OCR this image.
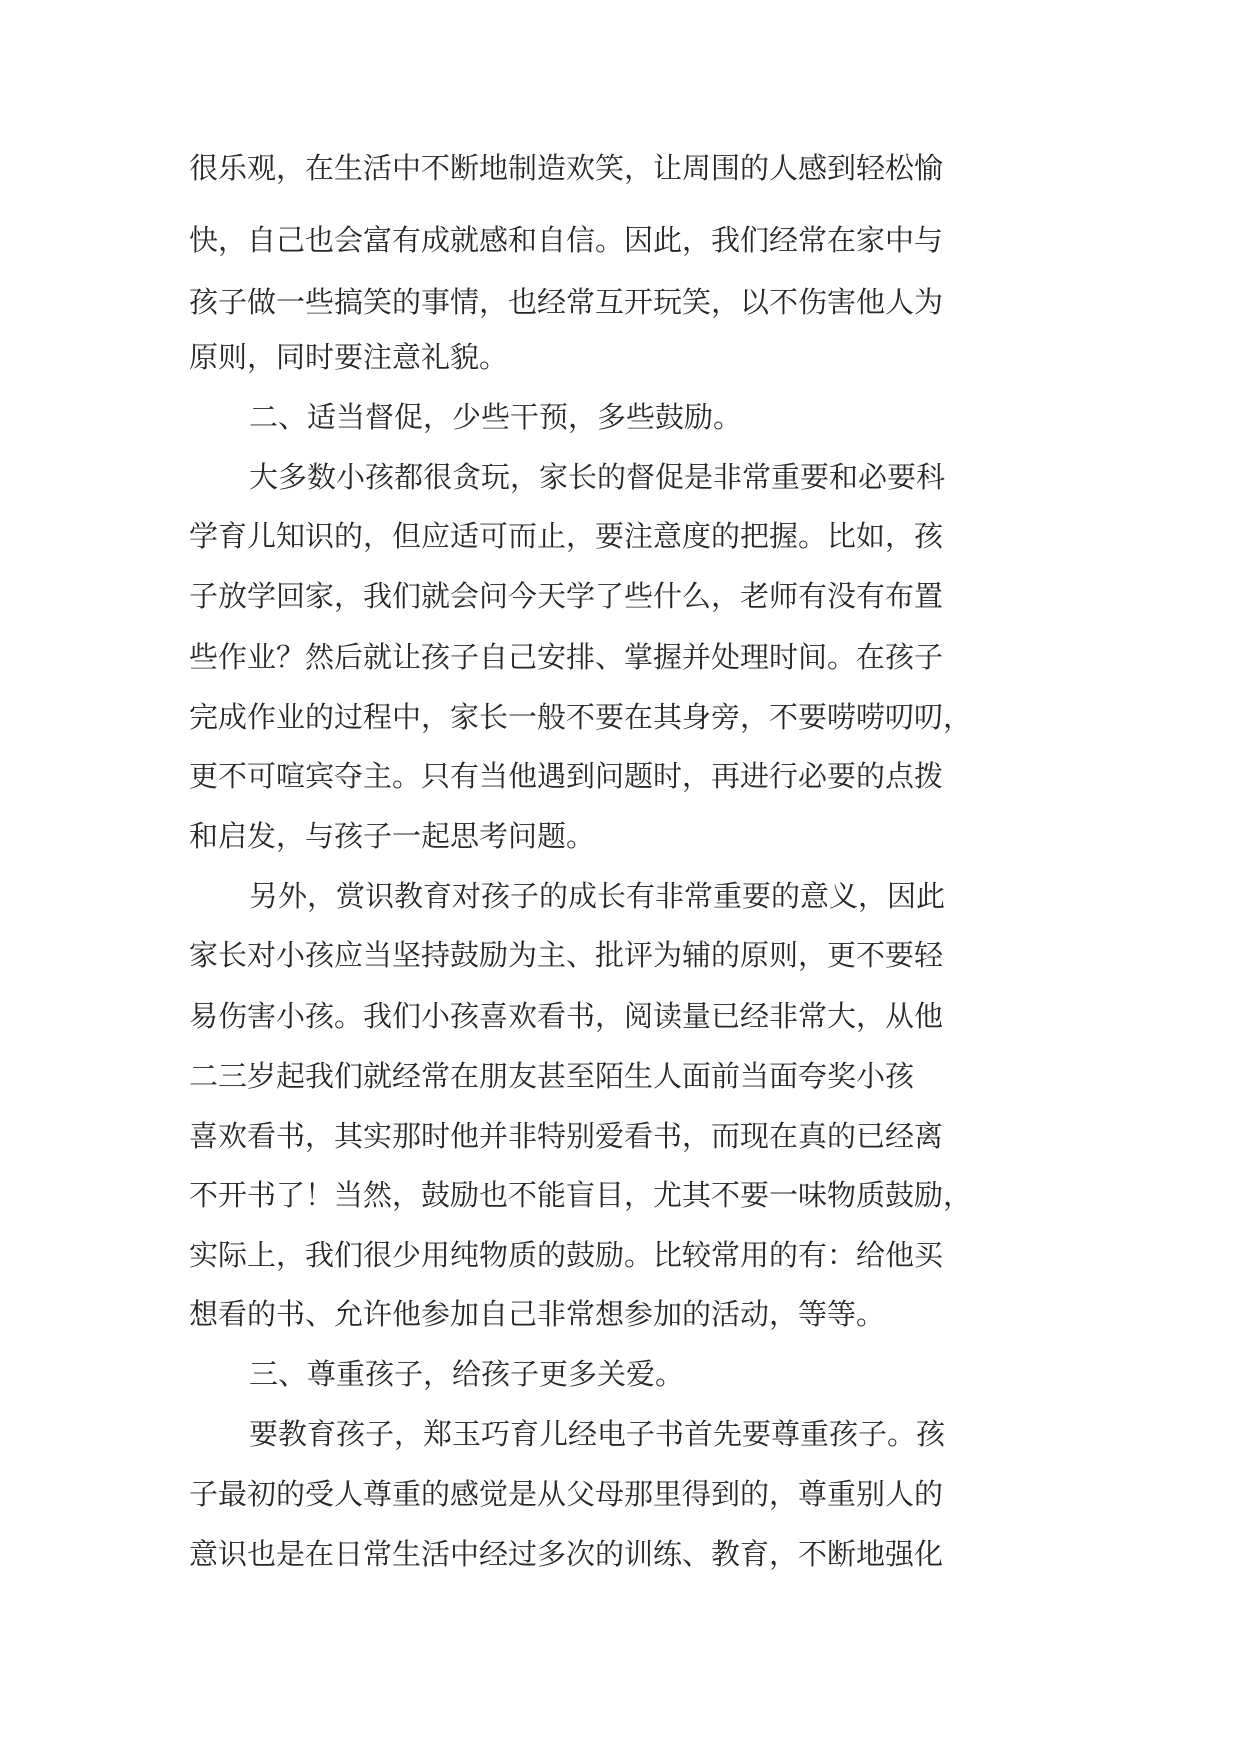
很乐观，在生活中不断地制造欢笑，让周围的人感到轻松愉
快，自己也会富有成就感和自信。因此，我们经常在家中与
孩子做一些搞笑的事情，也经常互开玩笑，以不伤害他人为
原则，同时要注意礼貌。
二、适当督促，少些干预，多些鼓励。
大多数小孩都很贪玩，家长的督促是非常重要和必要科
学育儿知识的，但应适可而止，要注意度的把握。比如，孩
子放学回家，我们就会问今天学了些什么，老师有没有布置
些作业？然后就让孩子自己安排、掌握并处理时间。在孩子
完成作业的过程中，家长一般不要在其身旁，不要唠唠叨叨，
更不可喧宾夺主。只有当他遇到问题时，再进行必要的点拨
和启发，与孩子一起思考问题。
另外，赏识教育对孩子的成长有非常重要的意义，因此
家长对小孩应当坚持鼓励为主、批评为辅的原则，更不要轻
易伤害小孩。我们小孩喜欢看书，阅读量已经非常大，从他
二三岁起我们就经常在朋友甚至陌生人面前当面夸奖小孩
喜欢看书，其实那时他并非特别爱看书，而现在真的已经离
不开书了！当然，鼓励也不能盲目，尤其不要一味物质鼓励，
实际上，我们很少用纯物质的鼓励。比较常用的有：给他买
想看的书、允许他参加自己非常想参加的活动，等等。
三、尊重孩子，给孩子更多关爱。
要教育孩子，郑玉巧育儿经电子书首先要尊重孩子。孩
子最初的受人尊重的感觉是从父母那里得到的，尊重别人的
意识也是在日常生活中经过多次的训练、教育，不断地强化
